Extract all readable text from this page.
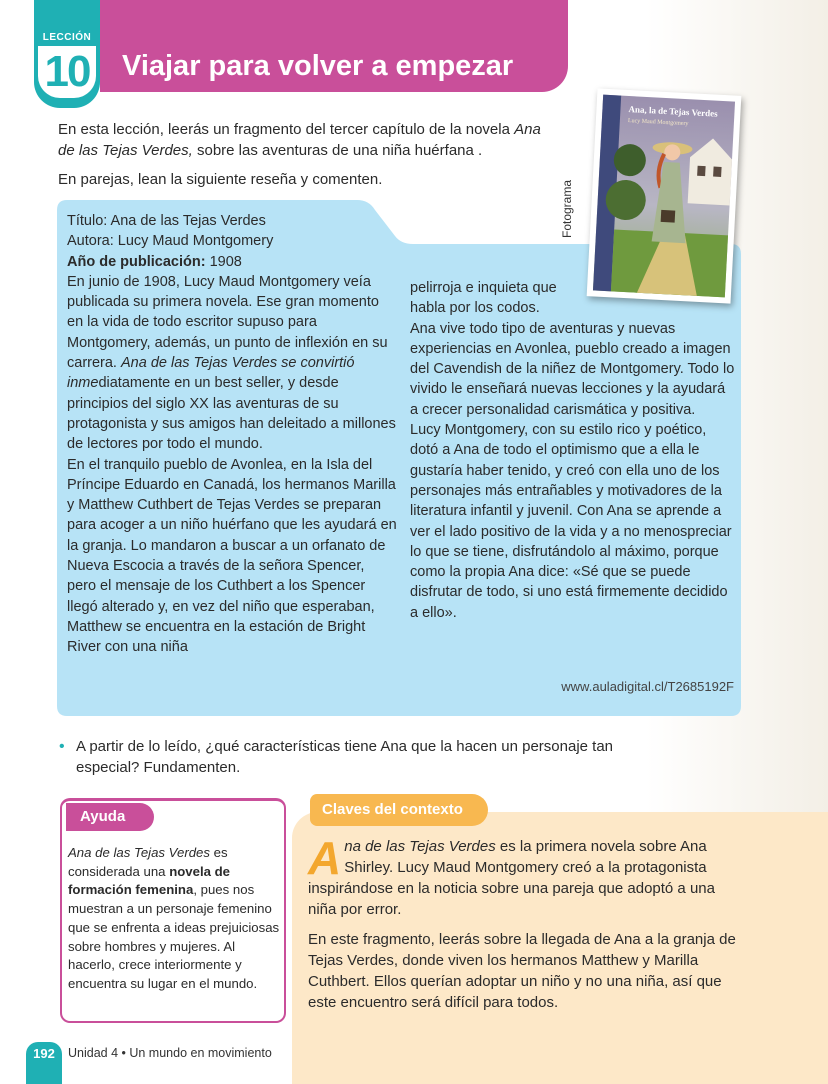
LECCIÓN
10 Viajar para volver a empezar
En esta lección, leerás un fragmento del tercer capítulo de la novela Ana de las Tejas Verdes, sobre las aventuras de una niña huérfana .
En parejas, lean la siguiente reseña y comenten.

Título: Ana de las Tejas Verdes

Autora: Lucy Maud Montgomery

Año de publicación: 1908

En junio de 1908, Lucy Maud Montgomery veía publicada su primera novela. Ese gran momento en la vida de todo escritor supuso para Montgomery, además, un punto de inflexión en su carrera. Ana de las Tejas Verdes se convirtió inmediatamente en un best seller, y desde principios del siglo XX las aventuras de su protagonista y sus amigos han deleitado a millones de lectores por todo el mundo.

En el tranquilo pueblo de Avonlea, en la Isla del Príncipe Eduardo en Canadá, los hermanos Marilla y Matthew Cuthbert de Tejas Verdes se preparan para acoger a un niño huérfano que les ayudará en la granja. Lo mandaron a buscar a un orfanato de Nueva Escocia a través de la señora Spencer, pero el mensaje de los Cuthbert a los Spencer llegó alterado y, en vez del niño que esperaban, Matthew se encuentra en la estación de Bright River con una niña

pelirroja e inquieta que habla por los codos.

Ana vive todo tipo de aventuras y nuevas experiencias en Avonlea, pueblo creado a imagen del Cavendish de la niñez de Montgomery. Todo lo vivido le enseñará nuevas lecciones y la ayudará a crecer personalidad carismática y positiva.

Lucy Montgomery, con su estilo rico y poético, dotó a Ana de todo el optimismo que a ella le gustaría haber tenido, y creó con ella uno de los personajes más entrañables y motivadores de la literatura infantil y juvenil. Con Ana se aprende a ver el lado positivo de la vida y a no menospreciar lo que se tiene, disfrutándolo al máximo, porque como la propia Ana dice: «Sé que se puede disfrutar de todo, si uno está firmemente decidido a ello».

www.auladigital.cl/T2685192F
Ana, la de Tejas Verdes
Lucy Maud Montgomery
Fotograma
• A partir de lo leído, ¿qué características tiene Ana que la hacen un personaje tan especial? Fundamenten.
Ayuda
Ana de las Tejas Verdes es considerada una novela de formación femenina, pues nos muestran a un personaje femenino que se enfrenta a ideas prejuiciosas sobre hombres y mujeres. Al hacerlo, crece interiormente y encuentra su lugar en el mundo.
Claves del contexto
Ana de las Tejas Verdes es la primera novela sobre Ana Shirley. Lucy Maud Montgomery creó a la protagonista inspirándose en la noticia sobre una pareja que adoptó a una niña por error.
En este fragmento, leerás sobre la llegada de Ana a la granja de Tejas Verdes, donde viven los hermanos Matthew y Marilla Cuthbert. Ellos querían adoptar un niño y no una niña, así que este encuentro será difícil para todos.
192	Unidad 4 • Un mundo en movimiento
